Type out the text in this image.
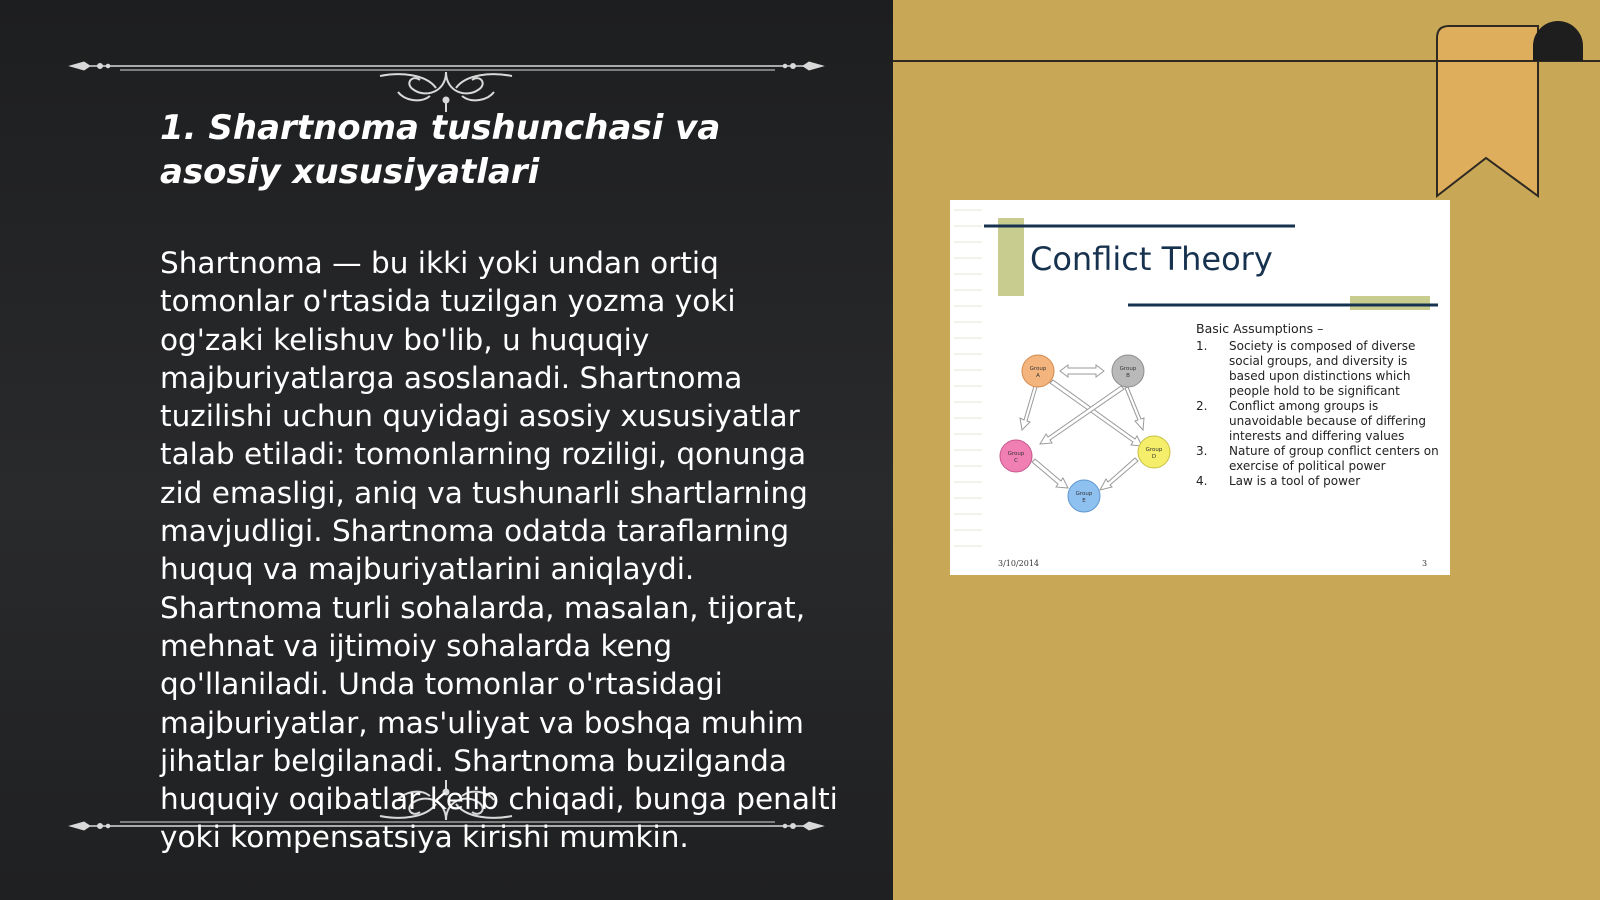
1. Shartnoma tushunchasi va asosiy xususiyatlari

Shartnoma — bu ikki yoki undan ortiq tomonlar o'rtasida tuzilgan yozma yoki og'zaki kelishuv bo'lib, u huquqiy majburiyatlarga asoslanadi. Shartnoma tuzilishi uchun quyidagi asosiy xususiyatlar talab etiladi: tomonlarning roziligi, qonunga zid emasligi, aniq va tushunarli shartlarning mavjudligi. Shartnoma odatda taraflarning huquq va majburiyatlarini aniqlaydi. Shartnoma turli sohalarda, masalan, tijorat, mehnat va ijtimoiy sohalarda keng qo'llaniladi. Unda tomonlar o'rtasidagi majburiyatlar, mas'uliyat va boshqa muhim jihatlar belgilanadi. Shartnoma buzilganda huquqiy oqibatlar kelib chiqadi, bunga penalti yoki kompensatsiya kirishi mumkin.

Group
A
Group
B
Group
C
Group
D
Group
E

Conflict Theory

Basic Assumptions –

1. Society is composed of diverse social groups, and diversity is based upon distinctions which people hold to be significant
2. Conflict among groups is unavoidable because of differing interests and differing values
3. Nature of group conflict centers on exercise of political power
4. Law is a tool of power

3/10/2014	3
